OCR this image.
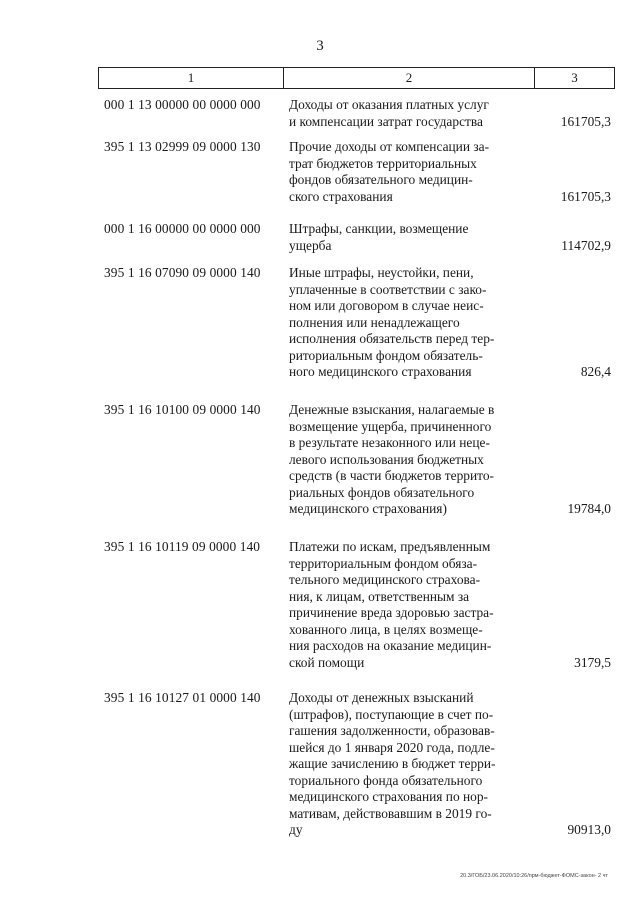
3
1	2	3
000 1 13 00000 00 0000 000 Доходы от оказания платных услуг
и компенсации затрат государства	161705,3
395 1 13 02999 09 0000 130 Прочие доходы от компенсации за-
трат бюджетов территориальных
фондов обязательного медицин-
ского страхования	161705,3
000 1 16 00000 00 0000 000 Штрафы, санкции, возмещение
ущерба	114702,9
395 1 16 07090 09 0000 140 Иные штрафы, неустойки, пени,
уплаченные в соответствии с зако-
ном или договором в случае неис-
полнения или ненадлежащего
исполнения обязательств перед тер-
риториальным фондом обязатель-
ного медицинского страхования	826,4
395 1 16 10100 09 0000 140 Денежные взыскания, налагаемые в
возмещение ущерба, причиненного
в результате незаконного или неце-
левого использования бюджетных
средств (в части бюджетов террито-
риальных фондов обязательного
медицинского страхования)	19784,0
395 1 16 10119 09 0000 140 Платежи по искам, предъявленным
территориальным фондом обяза-
тельного медицинского страхова-
ния, к лицам, ответственным за
причинение вреда здоровью застра-
хованного лица, в целях возмеще-
ния расходов на оказание медицин-
ской помощи	3179,5
395 1 16 10127 01 0000 140 Доходы от денежных взысканий
(штрафов), поступающие в счет по-
гашения задолженности, образовав-
шейся до 1 января 2020 года, подле-
жащие зачислению в бюджет терри-
ториального фонда обязательного
медицинского страхования по нор-
мативам, действовавшим в 2019 го-
ду	90913,0
20.3/ГОБ/23.06.2020/10:26/прм-бюджет-ФОМС-закон- 2 чт
